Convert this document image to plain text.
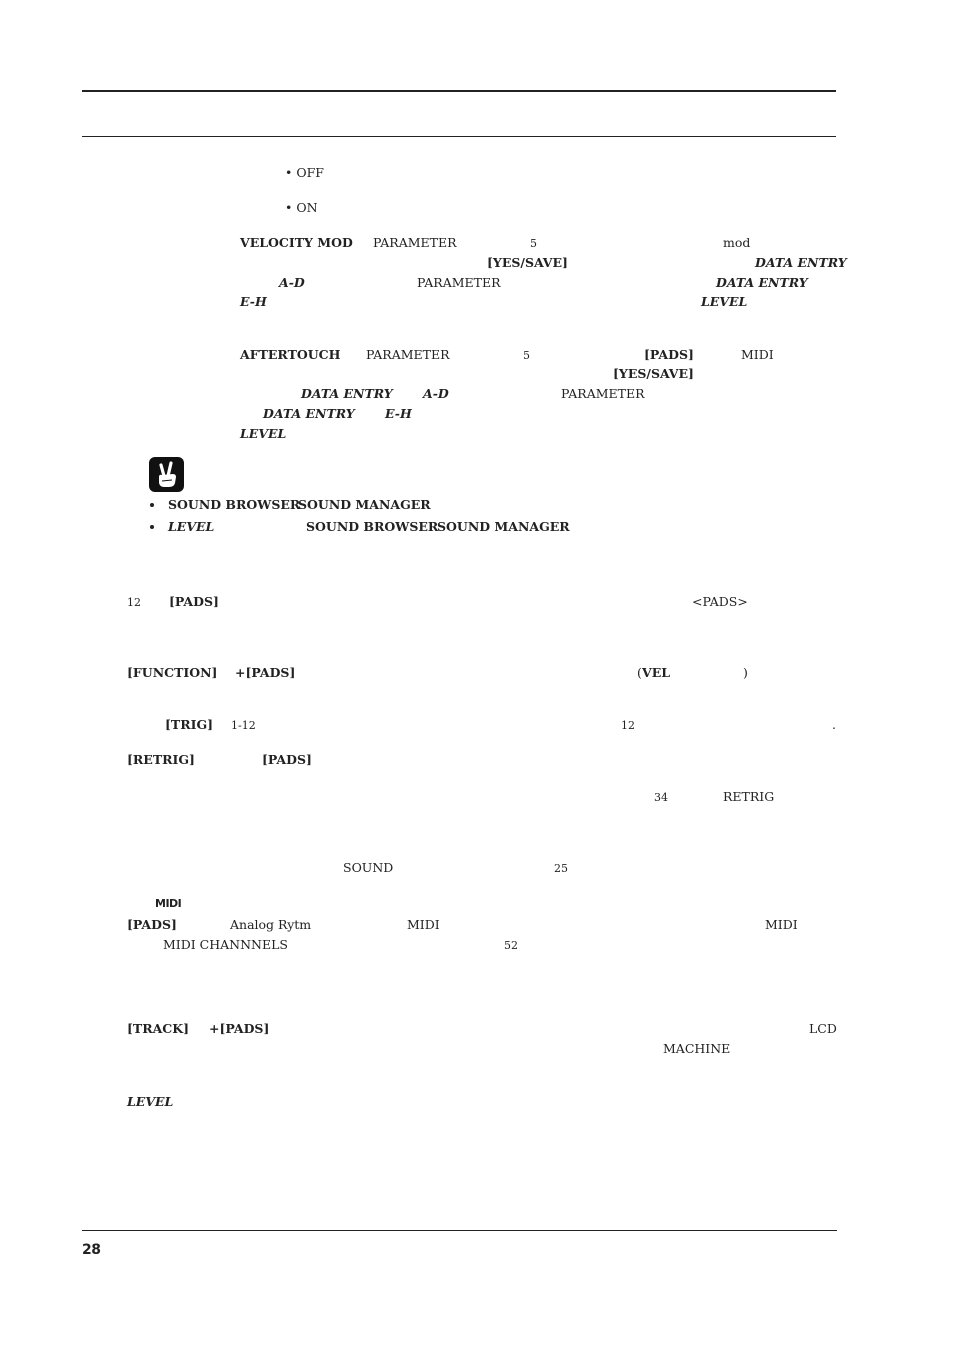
• OFF
• ON
VELOCITY MOD PARAMETER	5	mod
[YES/SAVE]	DATA ENTRY
A-D	PARAMETER	DATA ENTRY
E-H	LEVEL
AFTERTOUCH PARAMETER	5	[PADS]	MIDI
[YES/SAVE]
DATA ENTRY A-D	PARAMETER
DATA ENTRY E-H
LEVEL
SOUND BROWSER
SOUND MANAGER
LEVEL	SOUND BROWSER
SOUND MANAGER
12 [PADS]	<PADS>
[FUNCTION] +[PADS]	( VEL	)
[TRIG] 1-12	12	.
[RETRIG]	[PADS]
34	RETRIG
SOUND	25
MIDI
[PADS]	Analog Rytm	MIDI	MIDI
MIDI CHANNNELS	52
[TRACK] +[PADS]	LCD
MACHINE
LEVEL
28
